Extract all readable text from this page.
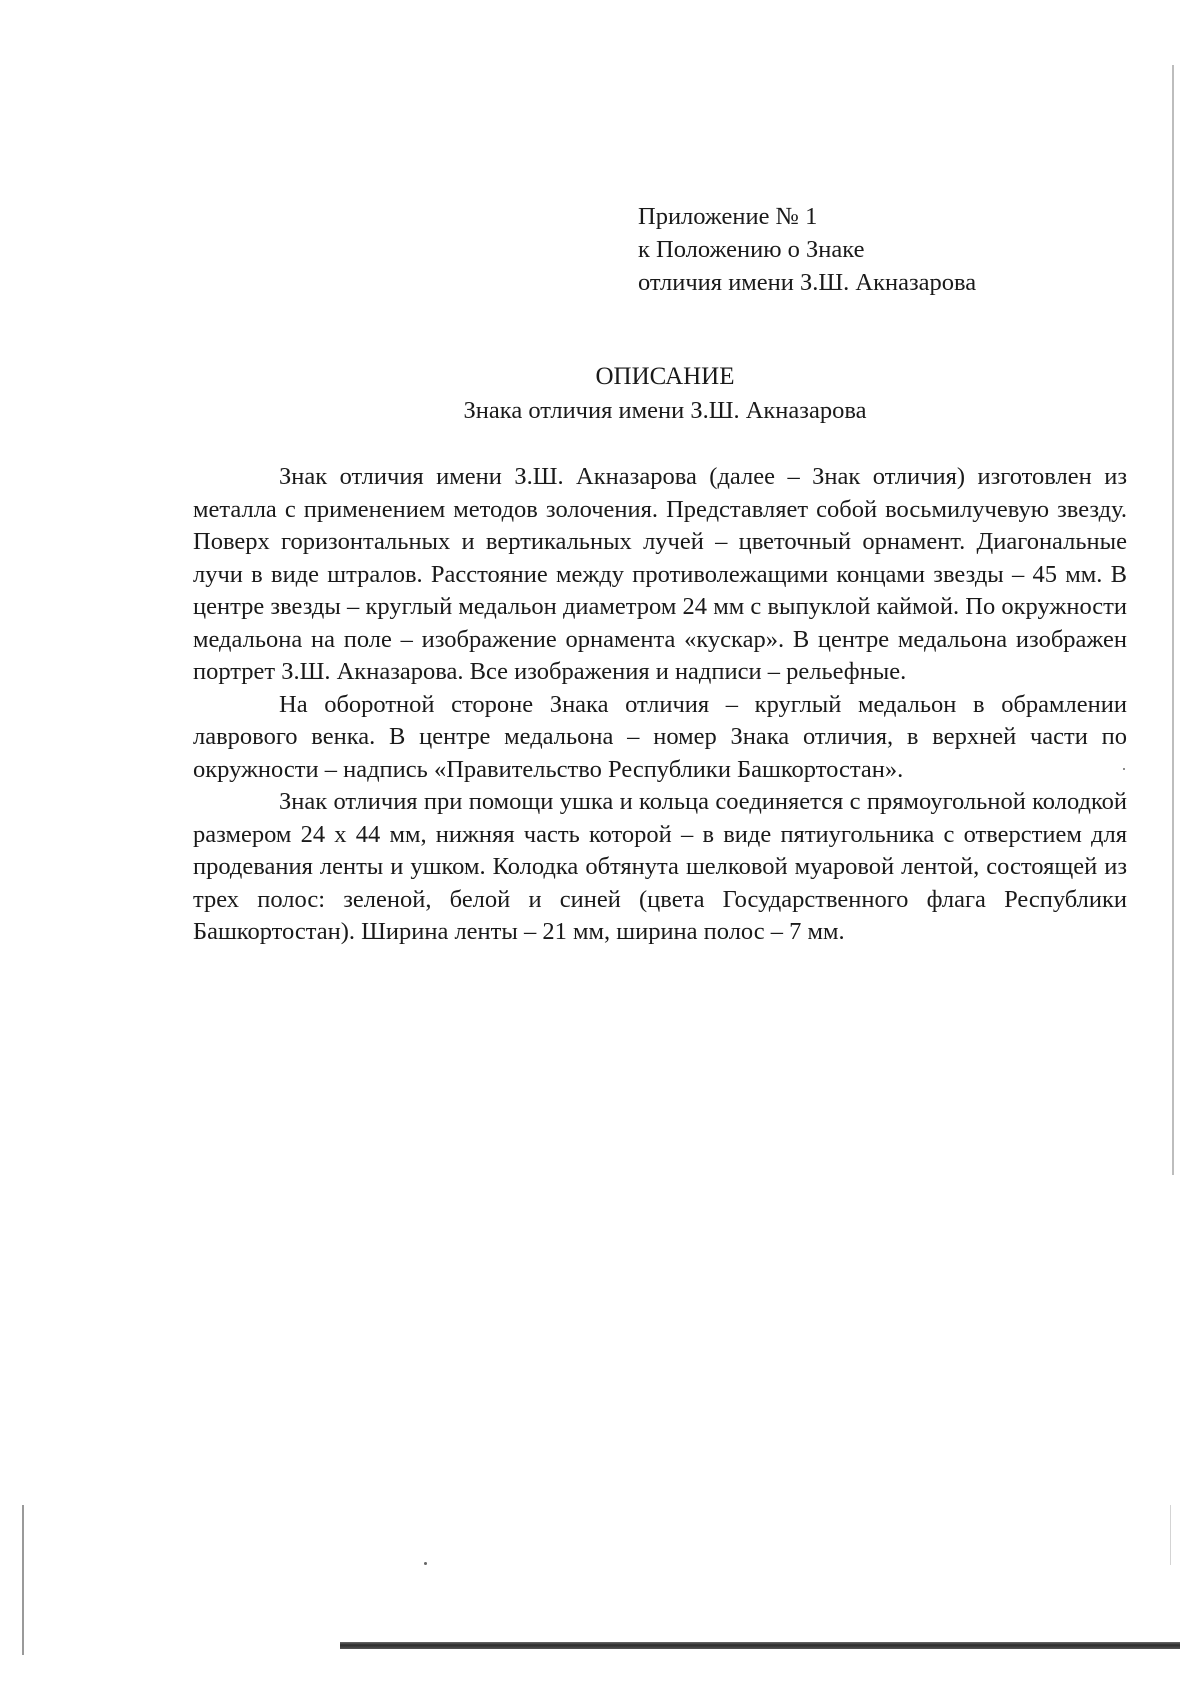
Приложение № 1
к Положению о Знаке
отличия имени З.Ш. Акназарова
ОПИСАНИЕ
Знака отличия имени З.Ш. Акназарова

Знак отличия имени З.Ш. Акназарова (далее – Знак отличия) изготовлен из металла с применением методов золочения. Представляет собой восьмилучевую звезду. Поверх горизонтальных и вертикальных лучей – цветочный орнамент. Диагональные лучи в виде штралов. Расстояние между противолежащими концами звезды – 45 мм. В центре звезды – круглый медальон диаметром 24 мм с выпуклой каймой. По окружности медальона на поле – изображение орнамента «кускар». В центре медальона изображен портрет З.Ш. Акназарова. Все изображения и надписи – рельефные.

На оборотной стороне Знака отличия – круглый медальон в обрамлении лаврового венка. В центре медальона – номер Знака отличия, в верхней части по окружности – надпись «Правительство Республики Башкортостан».

Знак отличия при помощи ушка и кольца соединяется с прямоугольной колодкой размером 24 х 44 мм, нижняя часть которой – в виде пятиугольника с отверстием для продевания ленты и ушком. Колодка обтянута шелковой муаровой лентой, состоящей из трех полос: зеленой, белой и синей (цвета Государственного флага Республики Башкортостан). Ширина ленты – 21 мм, ширина полос – 7 мм.
